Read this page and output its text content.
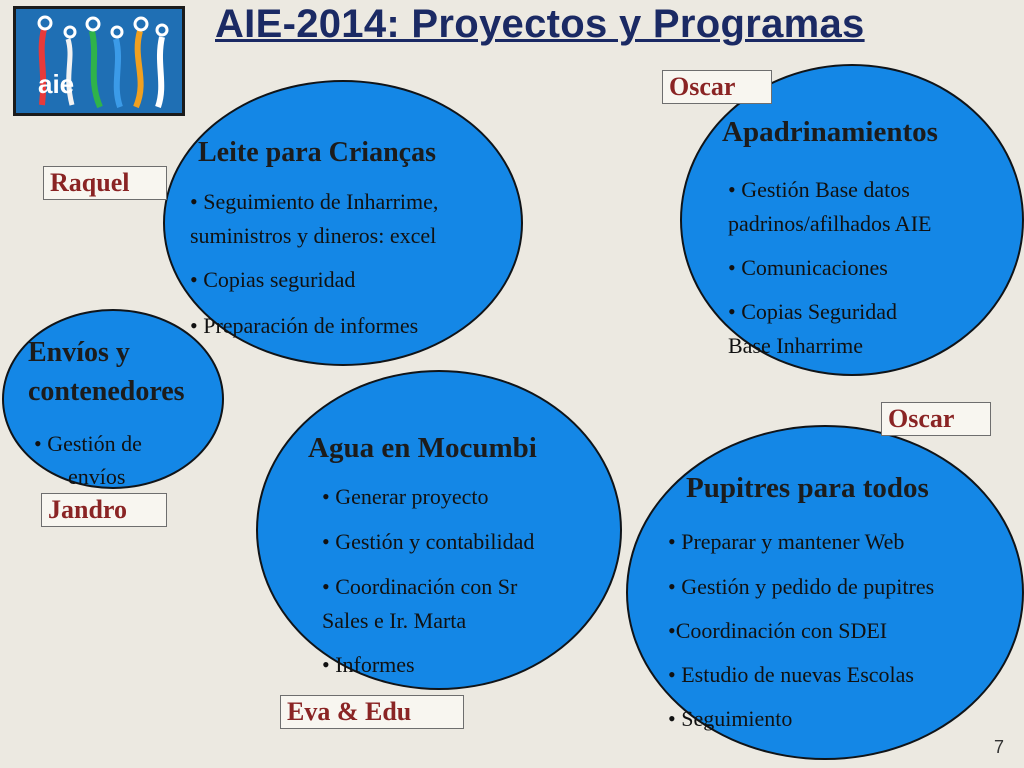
aie
AIE-2014: Proyectos y Programas
Leite para Crianças
• Seguimiento de Inharrime,
suministros y dineros: excel
• Copias seguridad
• Preparación de informes
Apadrinamientos
• Gestión Base datos
padrinos/afilhados AIE
• Comunicaciones
• Copias Seguridad
Base Inharrime
Envíos y
contenedores
• Gestión de
envíos
Agua en Mocumbi
• Generar proyecto
• Gestión y contabilidad
• Coordinación con Sr
Sales e Ir. Marta
• Informes
Pupitres para todos
• Preparar y mantener Web
• Gestión y pedido de pupitres
•Coordinación con SDEI
• Estudio de nuevas Escolas
• Seguimiento
Oscar
Raquel
Jandro
Oscar
Eva & Edu
7
